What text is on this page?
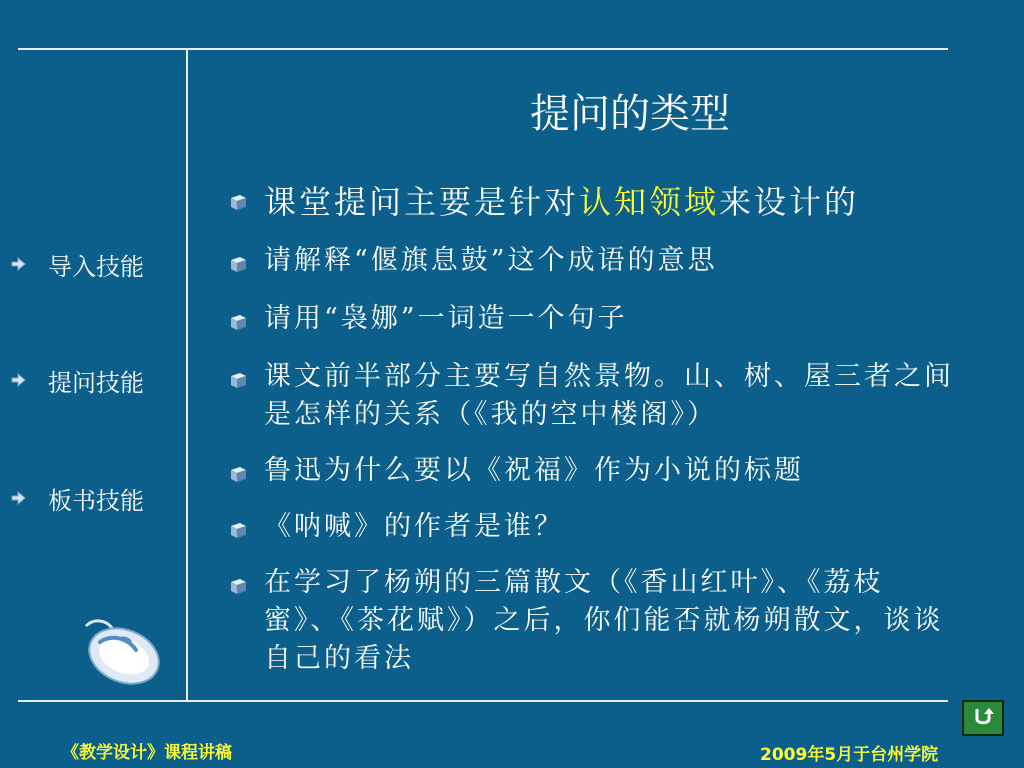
提问的类型
导入技能
提问技能
板书技能
课堂提问主要是针对认知领域来设计的
请解释“偃旗息鼓”这个成语的意思
请用“袅娜”一词造一个句子
课文前半部分主要写自然景物。山、树、屋三者之间是怎样的关系（《我的空中楼阁》）
鲁迅为什么要以《祝福》作为小说的标题
《呐喊》的作者是谁？
在学习了杨朔的三篇散文（《香山红叶》、《荔枝蜜》、《茶花赋》）之后，你们能否就杨朔散文，谈谈自己的看法
《教学设计》课程讲稿	2009年5月于台州学院
